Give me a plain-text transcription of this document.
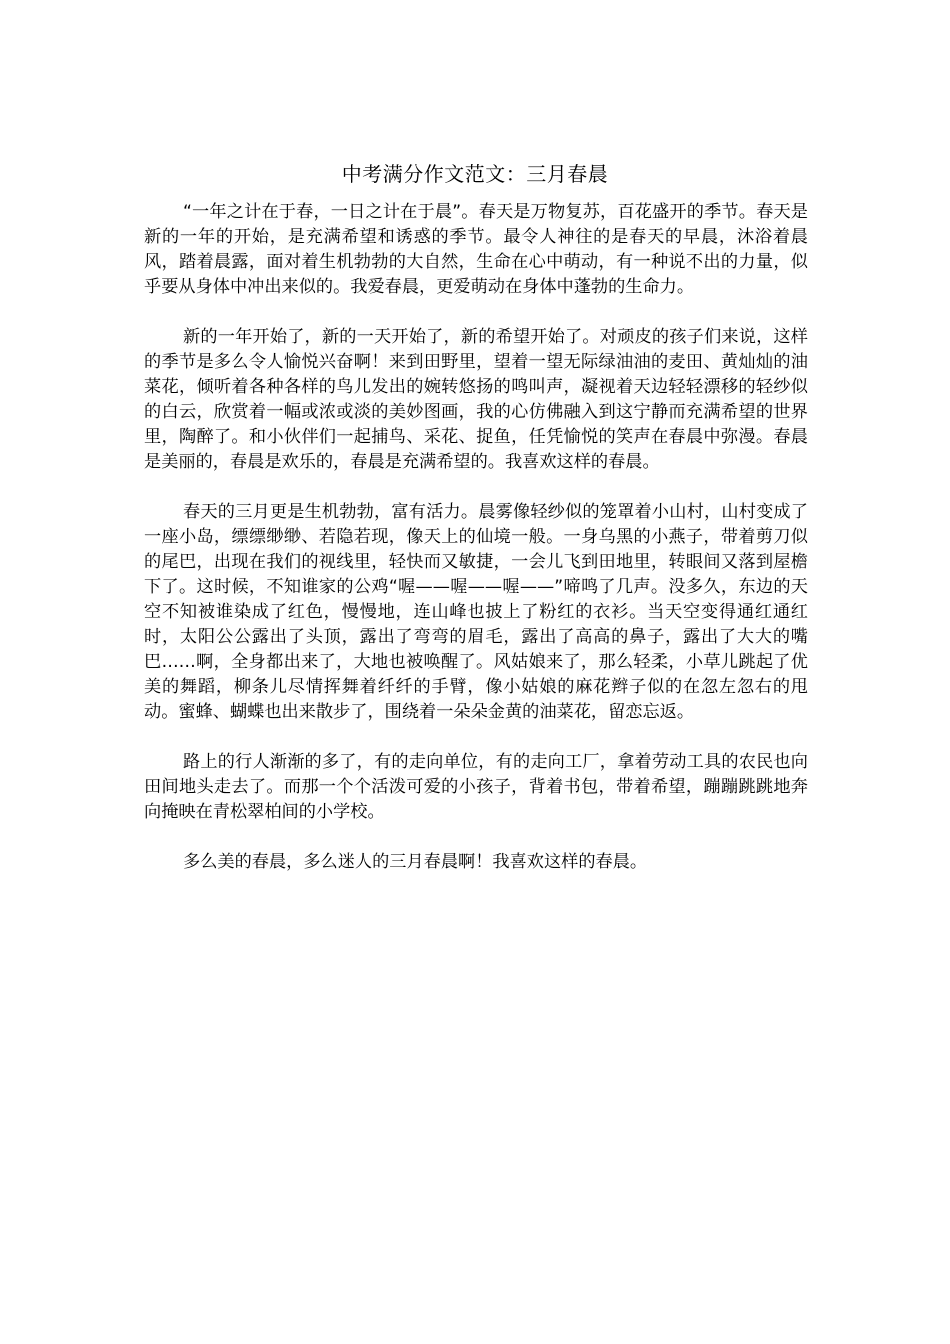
中考满分作文范文：三月春晨

“一年之计在于春，一日之计在于晨”。春天是万物复苏，百花盛开的季节。春天是新的一年的开始，是充满希望和诱惑的季节。最令人神往的是春天的早晨，沐浴着晨风，踏着晨露，面对着生机勃勃的大自然，生命在心中萌动，有一种说不出的力量，似乎要从身体中冲出来似的。我爱春晨，更爱萌动在身体中蓬勃的生命力。

新的一年开始了，新的一天开始了，新的希望开始了。对顽皮的孩子们来说，这样的季节是多么令人愉悦兴奋啊！来到田野里，望着一望无际绿油油的麦田、黄灿灿的油菜花，倾听着各种各样的鸟儿发出的婉转悠扬的鸣叫声，凝视着天边轻轻漂移的轻纱似的白云，欣赏着一幅或浓或淡的美妙图画，我的心仿佛融入到这宁静而充满希望的世界里，陶醉了。和小伙伴们一起捕鸟、采花、捉鱼，任凭愉悦的笑声在春晨中弥漫。春晨是美丽的，春晨是欢乐的，春晨是充满希望的。我喜欢这样的春晨。

春天的三月更是生机勃勃，富有活力。晨雾像轻纱似的笼罩着小山村，山村变成了一座小岛，缥缥缈缈、若隐若现，像天上的仙境一般。一身乌黑的小燕子，带着剪刀似的尾巴，出现在我们的视线里，轻快而又敏捷，一会儿飞到田地里，转眼间又落到屋檐下了。这时候，不知谁家的公鸡“喔——喔——喔——”啼鸣了几声。没多久，东边的天空不知被谁染成了红色，慢慢地，连山峰也披上了粉红的衣衫。当天空变得通红通红时，太阳公公露出了头顶，露出了弯弯的眉毛，露出了高高的鼻子，露出了大大的嘴巴……啊，全身都出来了，大地也被唤醒了。风姑娘来了，那么轻柔，小草儿跳起了优美的舞蹈，柳条儿尽情挥舞着纤纤的手臂，像小姑娘的麻花辫子似的在忽左忽右的甩动。蜜蜂、蝴蝶也出来散步了，围绕着一朵朵金黄的油菜花，留恋忘返。

路上的行人渐渐的多了，有的走向单位，有的走向工厂，拿着劳动工具的农民也向田间地头走去了。而那一个个活泼可爱的小孩子，背着书包，带着希望，蹦蹦跳跳地奔向掩映在青松翠柏间的小学校。

多么美的春晨，多么迷人的三月春晨啊！我喜欢这样的春晨。
